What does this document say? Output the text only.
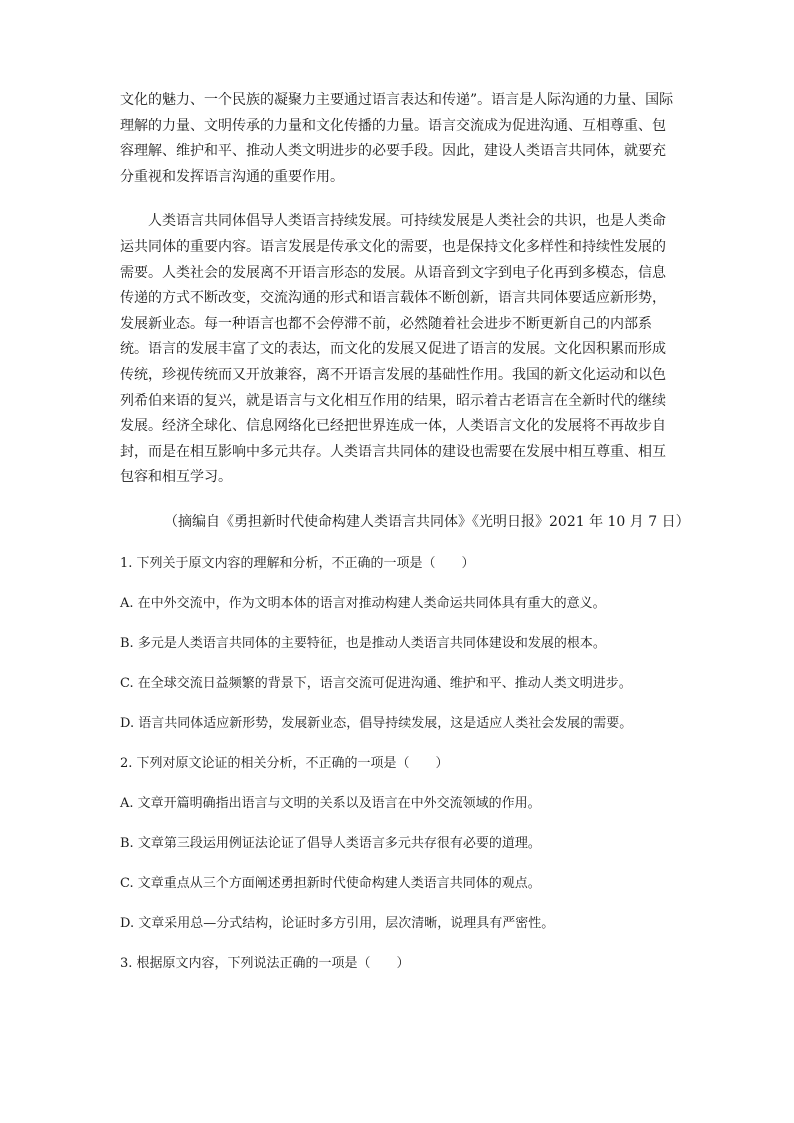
文化的魅力、一个民族的凝聚力主要通过语言表达和传递”。语言是人际沟通的力量、国际
理解的力量、文明传承的力量和文化传播的力量。语言交流成为促进沟通、互相尊重、包
容理解、维护和平、推动人类文明进步的必要手段。因此，建设人类语言共同体，就要充
分重视和发挥语言沟通的重要作用。
人类语言共同体倡导人类语言持续发展。可持续发展是人类社会的共识，也是人类命
运共同体的重要内容。语言发展是传承文化的需要，也是保持文化多样性和持续性发展的
需要。人类社会的发展离不开语言形态的发展。从语音到文字到电子化再到多模态，信息
传递的方式不断改变，交流沟通的形式和语言载体不断创新，语言共同体要适应新形势，
发展新业态。每一种语言也都不会停滞不前，必然随着社会进步不断更新自己的内部系
统。语言的发展丰富了文的表达，而文化的发展又促进了语言的发展。文化因积累而形成
传统，珍视传统而又开放兼容，离不开语言发展的基础性作用。我国的新文化运动和以色
列希伯来语的复兴，就是语言与文化相互作用的结果，昭示着古老语言在全新时代的继续
发展。经济全球化、信息网络化已经把世界连成一体，人类语言文化的发展将不再故步自
封，而是在相互影响中多元共存。人类语言共同体的建设也需要在发展中相互尊重、相互
包容和相互学习。
（摘编自《勇担新时代使命构建人类语言共同体》《光明日报》2021 年 10 月 7 日）

1. 下列关于原文内容的理解和分析，不正确的一项是（　　）

A. 在中外交流中，作为文明本体的语言对推动构建人类命运共同体具有重大的意义。

B. 多元是人类语言共同体的主要特征，也是推动人类语言共同体建设和发展的根本。

C. 在全球交流日益频繁的背景下，语言交流可促进沟通、维护和平、推动人类文明进步。

D. 语言共同体适应新形势，发展新业态，倡导持续发展，这是适应人类社会发展的需要。

2. 下列对原文论证的相关分析，不正确的一项是（　　）

A. 文章开篇明确指出语言与文明的关系以及语言在中外交流领域的作用。

B. 文章第三段运用例证法论证了倡导人类语言多元共存很有必要的道理。

C. 文章重点从三个方面阐述勇担新时代使命构建人类语言共同体的观点。

D. 文章采用总—分式结构，论证时多方引用，层次清晰，说理具有严密性。

3. 根据原文内容，下列说法正确的一项是（　　）
